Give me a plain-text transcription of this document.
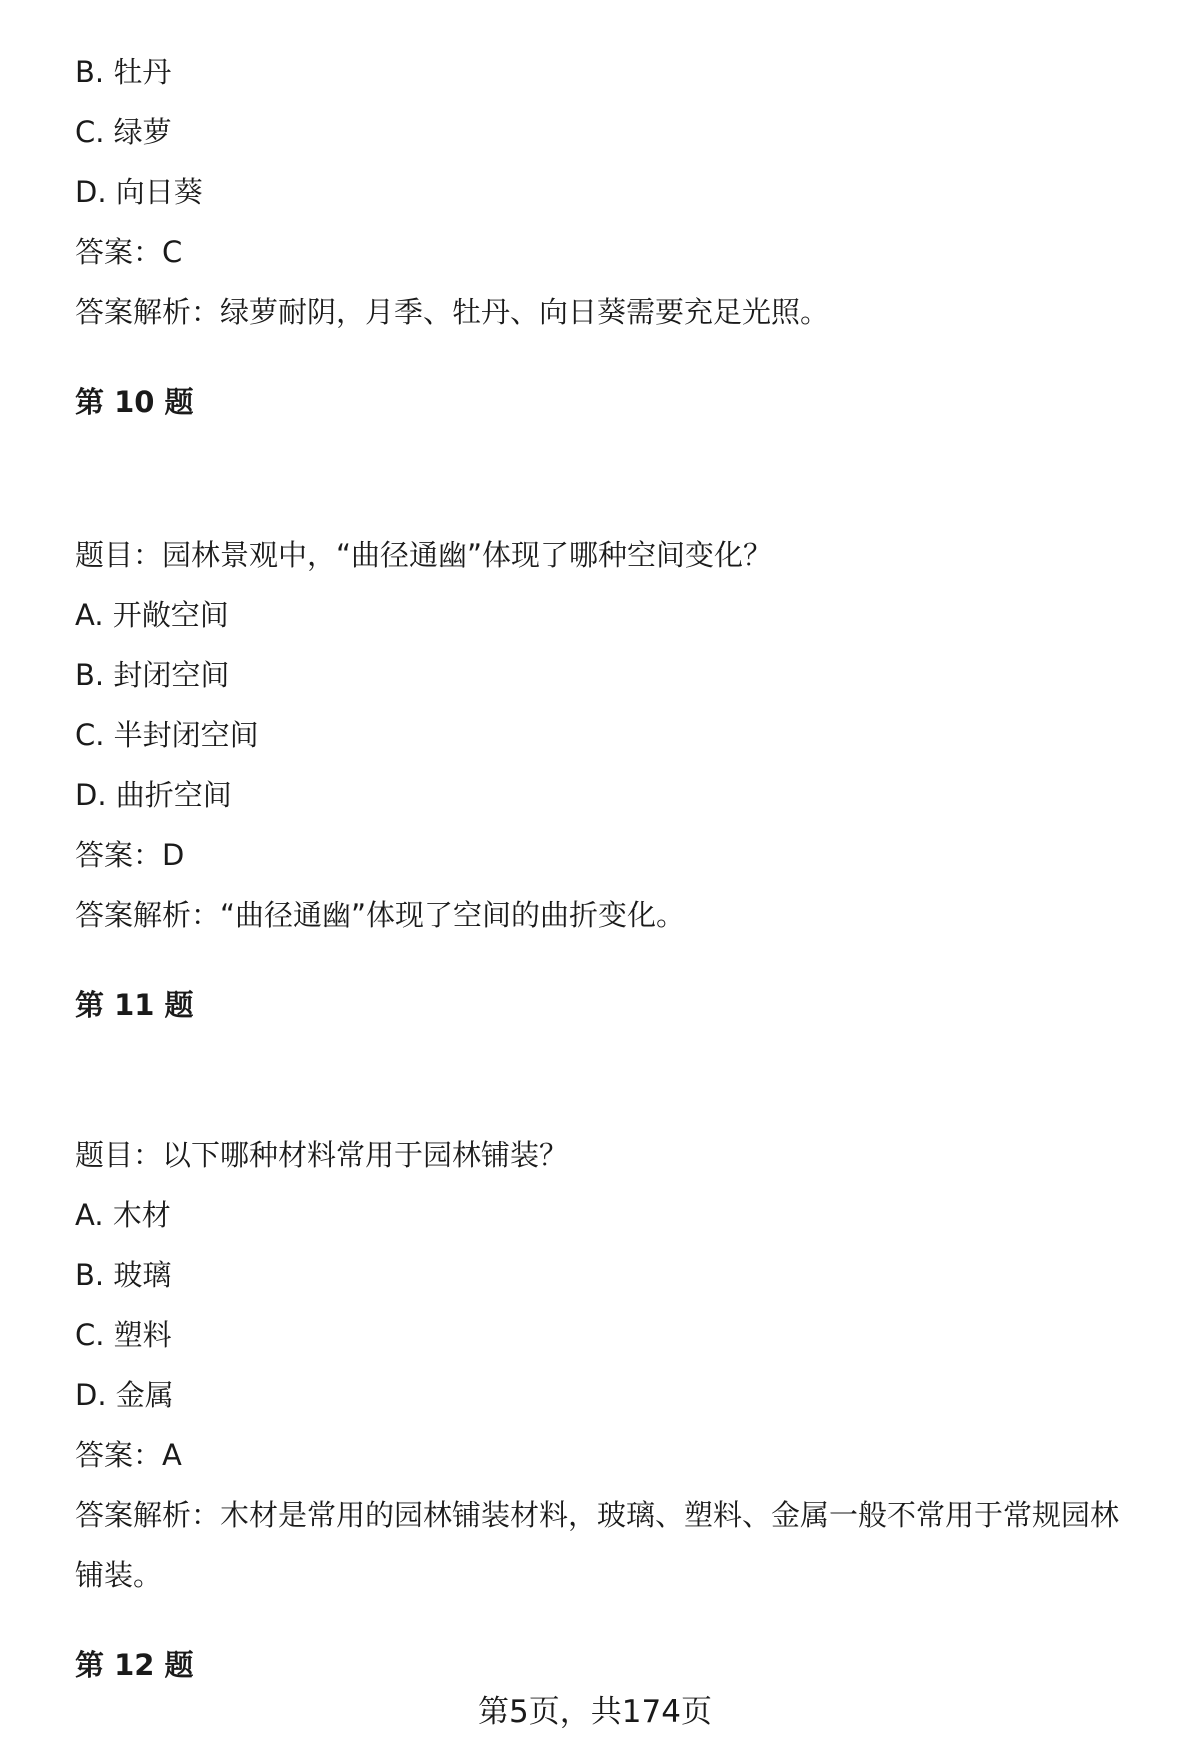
B. 牡丹
C. 绿萝
D. 向日葵
答案：C
答案解析：绿萝耐阴，月季、牡丹、向日葵需要充足光照。
第 10 题
题目：园林景观中，“曲径通幽”体现了哪种空间变化？
A. 开敞空间
B. 封闭空间
C. 半封闭空间
D. 曲折空间
答案：D
答案解析：“曲径通幽”体现了空间的曲折变化。
第 11 题
题目：以下哪种材料常用于园林铺装？
A. 木材
B. 玻璃
C. 塑料
D. 金属
答案：A
答案解析：木材是常用的园林铺装材料，玻璃、塑料、金属一般不常用于常规园林
铺装。
第 12 题
第5页，共174页
